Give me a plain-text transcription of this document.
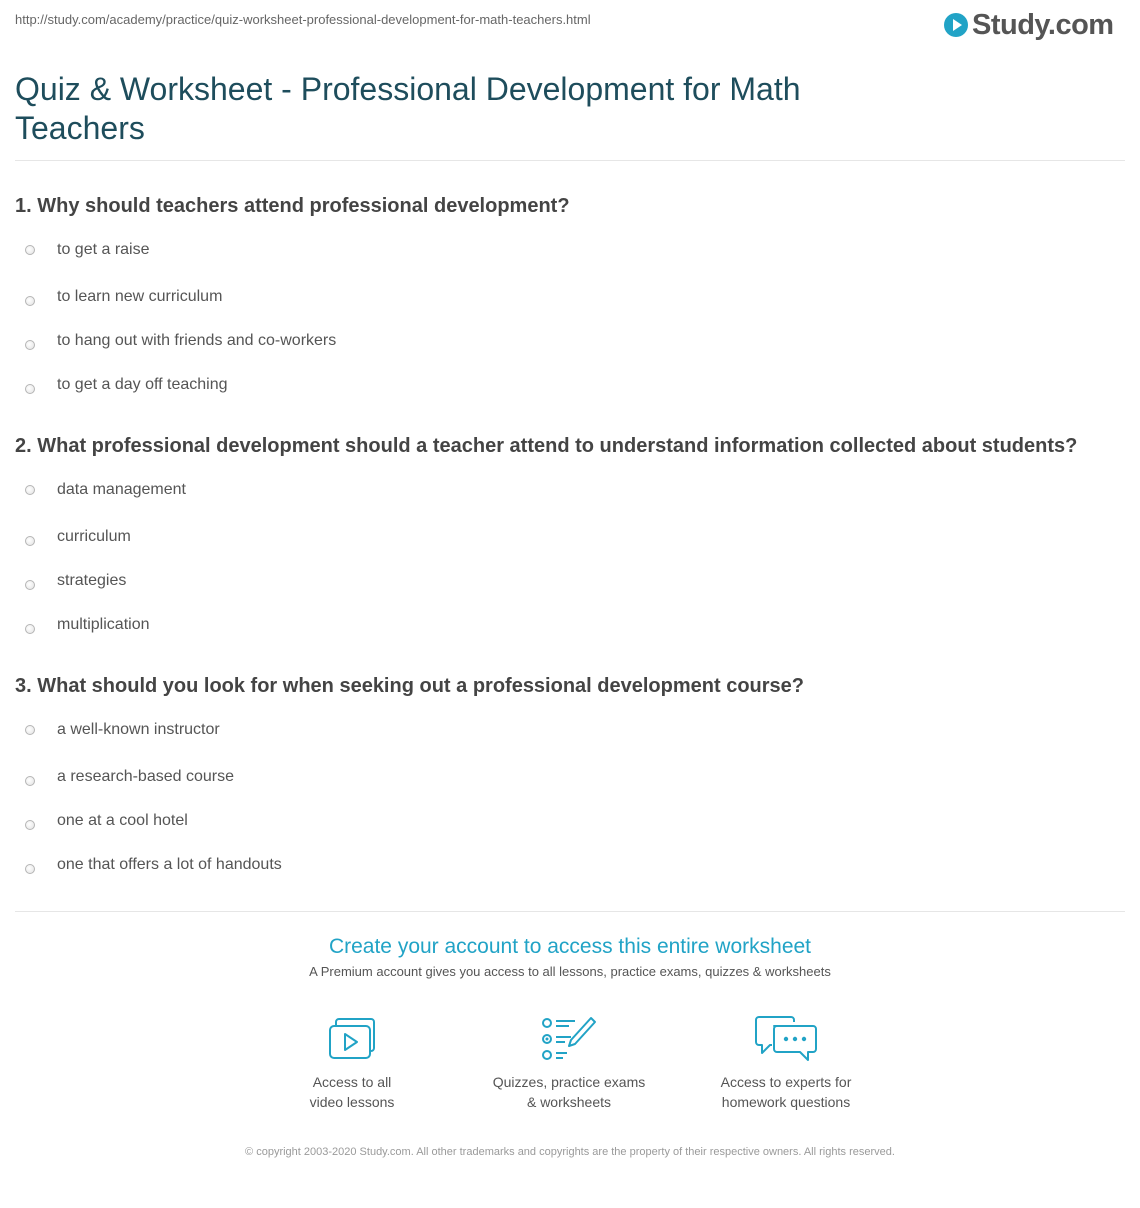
http://study.com/academy/practice/quiz-worksheet-professional-development-for-math-teachers.html	Study.com
Quiz & Worksheet - Professional Development for Math Teachers
1. Why should teachers attend professional development?
to get a raise
to learn new curriculum
to hang out with friends and co-workers
to get a day off teaching
2. What professional development should a teacher attend to understand information collected about students?
data management
curriculum
strategies
multiplication
3. What should you look for when seeking out a professional development course?
a well-known instructor
a research-based course
one at a cool hotel
one that offers a lot of handouts
Create your account to access this entire worksheet
A Premium account gives you access to all lessons, practice exams, quizzes & worksheets
Access to all
video lessons
Quizzes, practice exams
& worksheets
Access to experts for
homework questions
© copyright 2003-2020 Study.com. All other trademarks and copyrights are the property of their respective owners. All rights reserved.
